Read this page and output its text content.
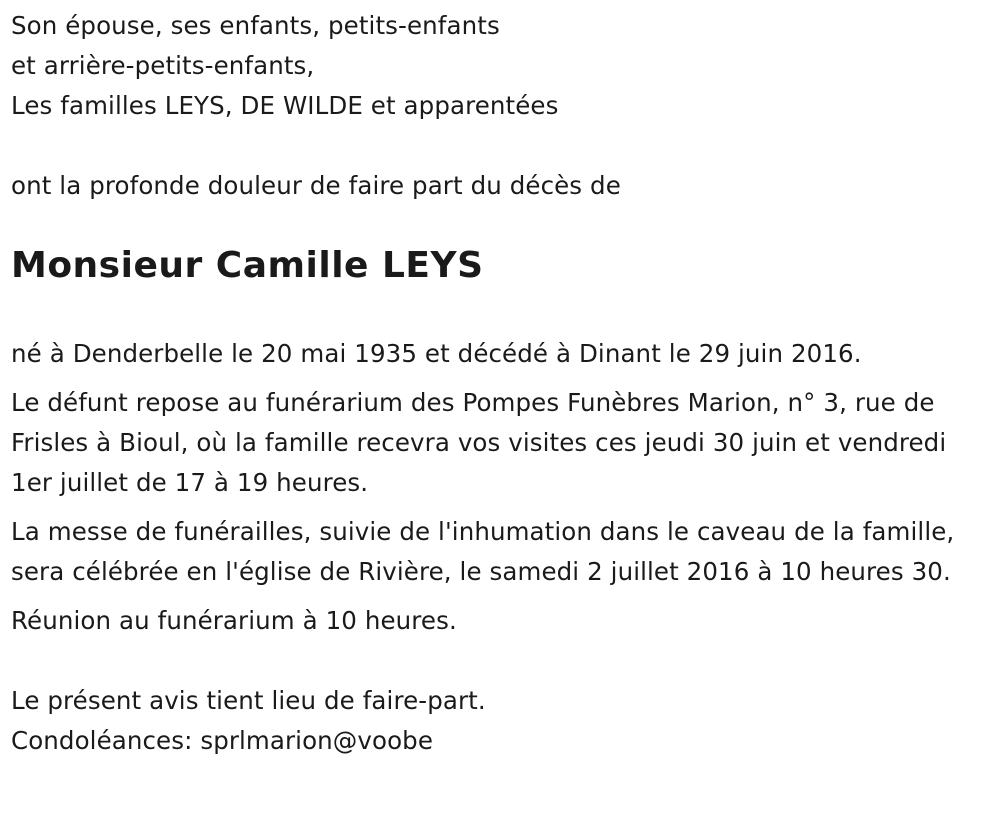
Son épouse, ses enfants, petits-enfants
et arrière-petits-enfants,
Les familles LEYS, DE WILDE et apparentées
ont la profonde douleur de faire part du décès de
Monsieur Camille LEYS
né à Denderbelle le 20 mai 1935 et décédé à Dinant le 29 juin 2016.
Le défunt repose au funérarium des Pompes Funèbres Marion, n° 3, rue de Frisles à Bioul, où la famille recevra vos visites ces jeudi 30 juin et vendredi 1er juillet de 17 à 19 heures.
La messe de funérailles, suivie de l'inhumation dans le caveau de la famille, sera célébrée en l'église de Rivière, le samedi 2 juillet 2016 à 10 heures 30.
Réunion au funérarium à 10 heures.
Le présent avis tient lieu de faire-part.
Condoléances: sprlmarion@voobe
